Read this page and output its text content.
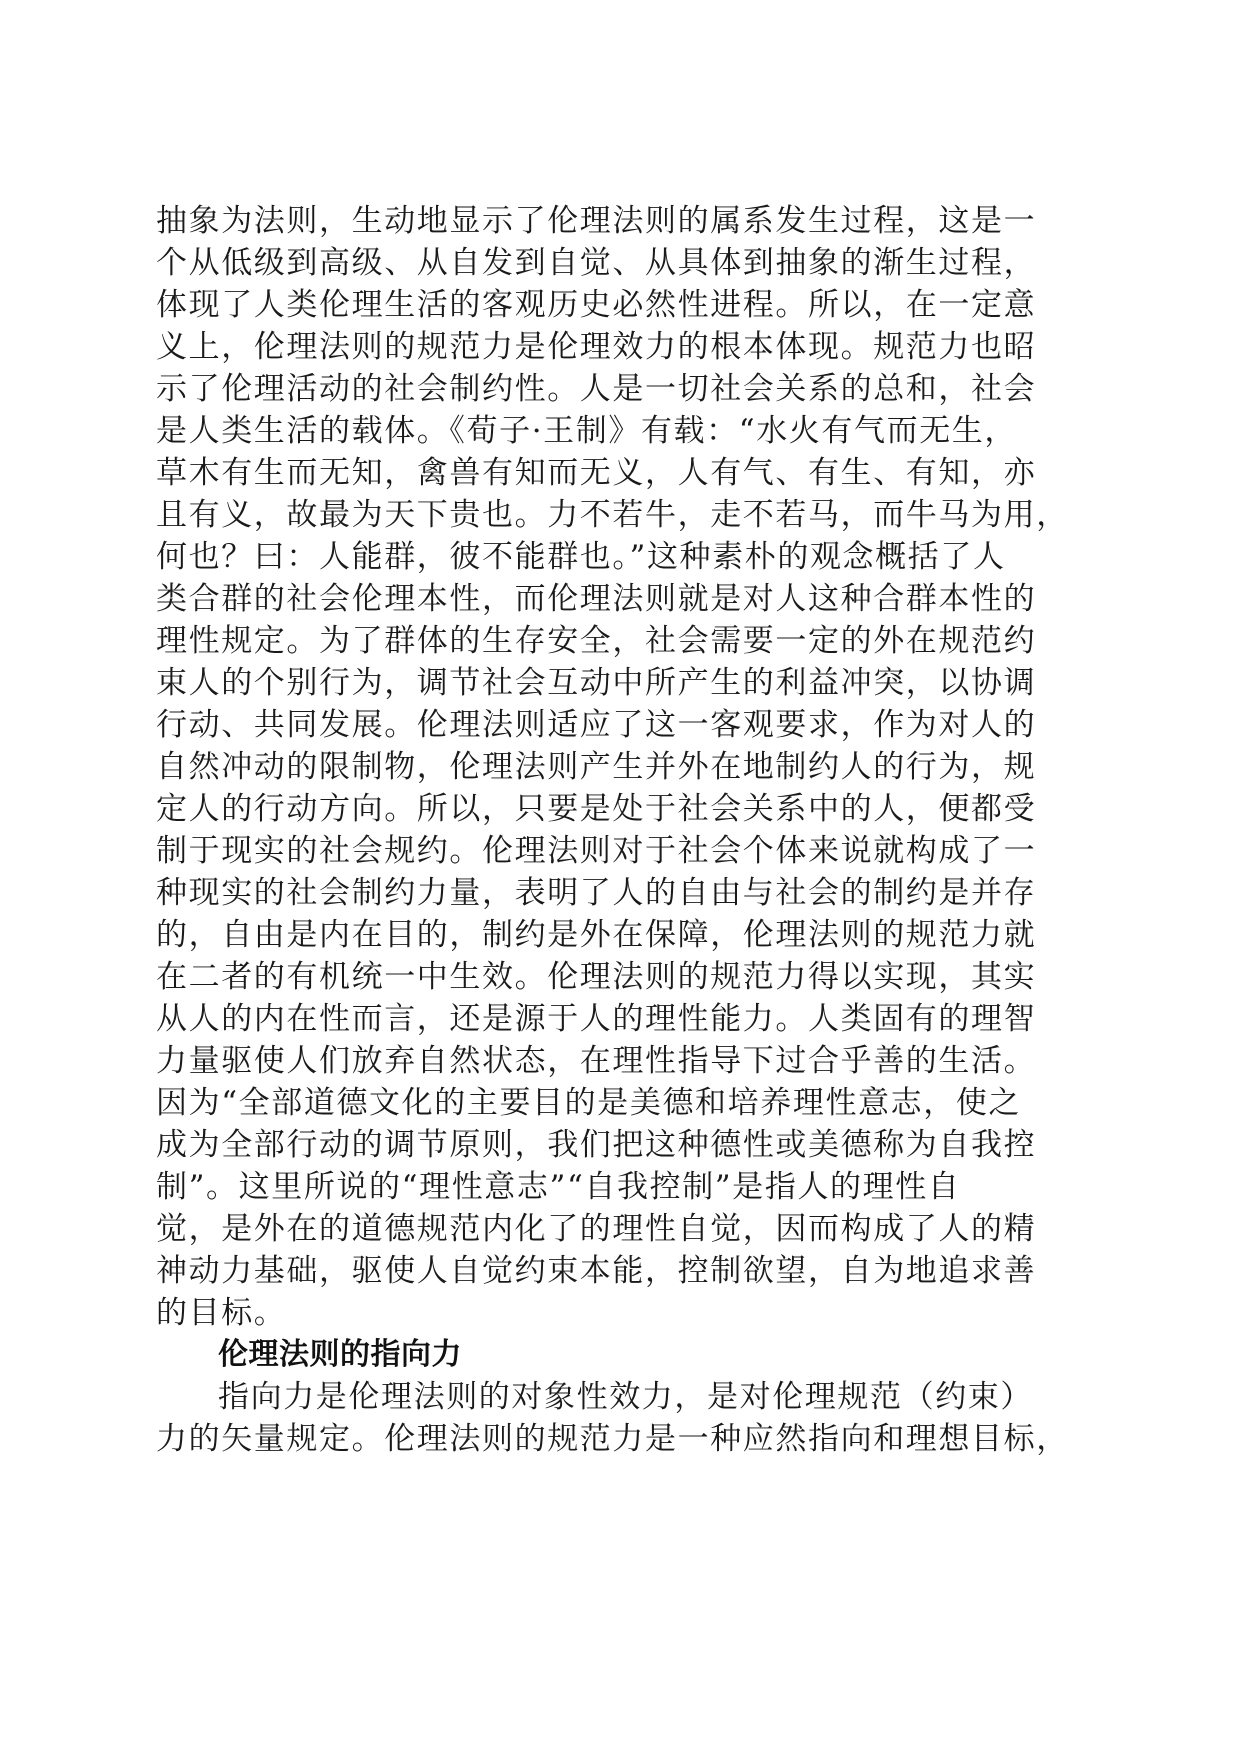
抽象为法则，生动地显示了伦理法则的属系发生过程，这是一
个从低级到高级、从自发到自觉、从具体到抽象的渐生过程，
体现了人类伦理生活的客观历史必然性进程。所以，在一定意
义上，伦理法则的规范力是伦理效力的根本体现。规范力也昭
示了伦理活动的社会制约性。人是一切社会关系的总和，社会
是人类生活的载体。《荀子·王制》有载：“水火有气而无生，
草木有生而无知，禽兽有知而无义，人有气、有生、有知，亦
且有义，故最为天下贵也。力不若牛，走不若马，而牛马为用，
何也？曰：人能群，彼不能群也。”这种素朴的观念概括了人
类合群的社会伦理本性，而伦理法则就是对人这种合群本性的
理性规定。为了群体的生存安全，社会需要一定的外在规范约
束人的个别行为，调节社会互动中所产生的利益冲突，以协调
行动、共同发展。伦理法则适应了这一客观要求，作为对人的
自然冲动的限制物，伦理法则产生并外在地制约人的行为，规
定人的行动方向。所以，只要是处于社会关系中的人，便都受
制于现实的社会规约。伦理法则对于社会个体来说就构成了一
种现实的社会制约力量，表明了人的自由与社会的制约是并存
的，自由是内在目的，制约是外在保障，伦理法则的规范力就
在二者的有机统一中生效。伦理法则的规范力得以实现，其实
从人的内在性而言，还是源于人的理性能力。人类固有的理智
力量驱使人们放弃自然状态，在理性指导下过合乎善的生活。
因为“全部道德文化的主要目的是美德和培养理性意志，使之
成为全部行动的调节原则，我们把这种德性或美德称为自我控
制”。这里所说的“理性意志”“自我控制”是指人的理性自
觉，是外在的道德规范内化了的理性自觉，因而构成了人的精
神动力基础，驱使人自觉约束本能，控制欲望，自为地追求善
的目标。
伦理法则的指向力
指向力是伦理法则的对象性效力，是对伦理规范（约束）
力的矢量规定。伦理法则的规范力是一种应然指向和理想目标，
